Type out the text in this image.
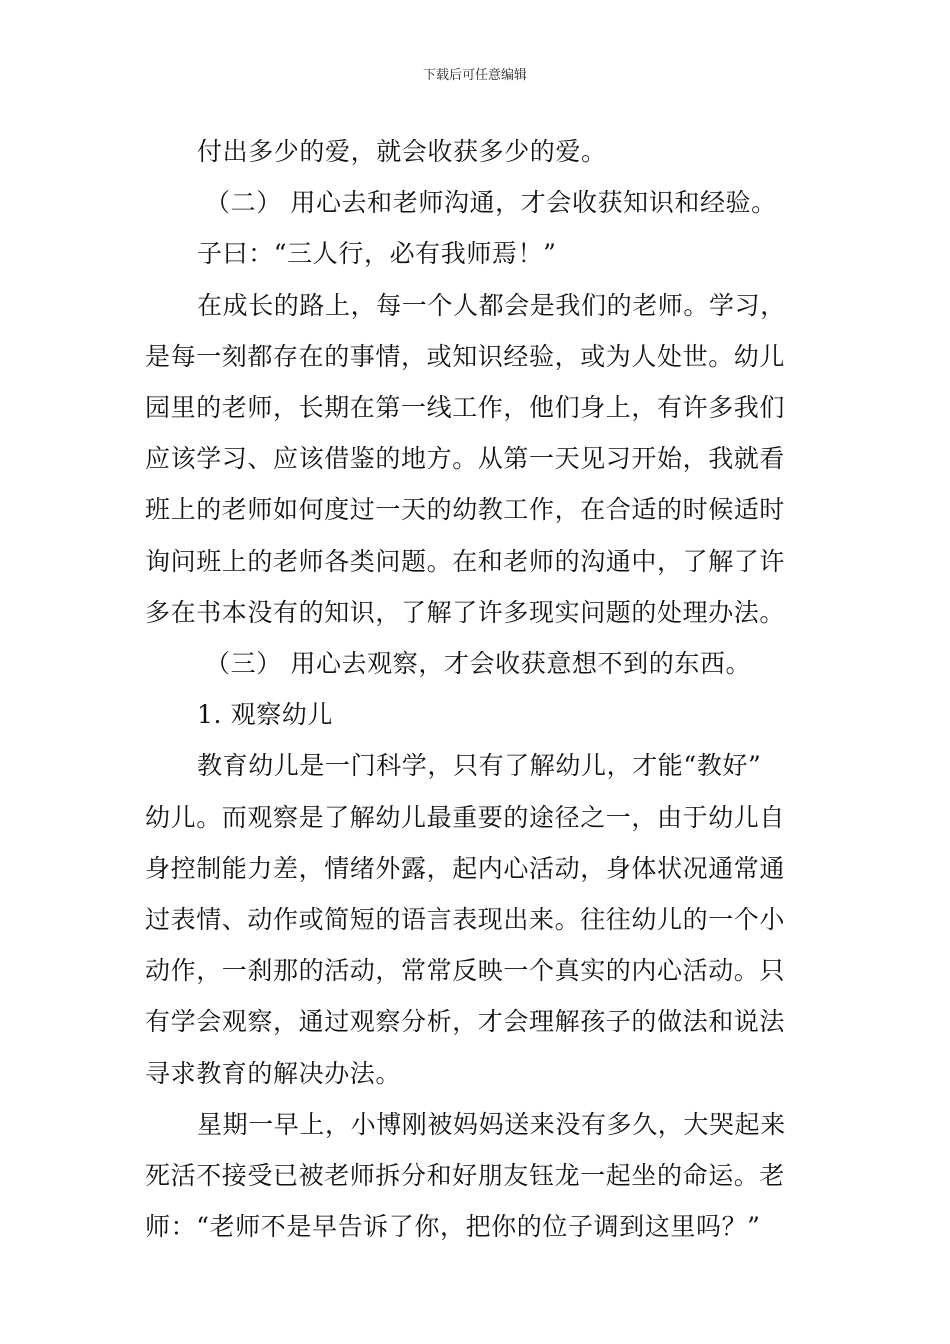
下载后可任意编辑

付出多少的爱，就会收获多少的爱。

（二） 用心去和老师沟通，才会收获知识和经验。

子曰：“三人行，必有我师焉！”

在成长的路上，每一个人都会是我们的老师。学习，

是每一刻都存在的事情，或知识经验，或为人处世。幼儿

园里的老师，长期在第一线工作，他们身上，有许多我们

应该学习、应该借鉴的地方。从第一天见习开始，我就看

班上的老师如何度过一天的幼教工作，在合适的时候适时

询问班上的老师各类问题。在和老师的沟通中，了解了许

多在书本没有的知识，了解了许多现实问题的处理办法。

（三） 用心去观察，才会收获意想不到的东西。

1. 观察幼儿

教育幼儿是一门科学，只有了解幼儿，才能“教好”

幼儿。而观察是了解幼儿最重要的途径之一，由于幼儿自

身控制能力差，情绪外露，起内心活动，身体状况通常通

过表情、动作或简短的语言表现出来。往往幼儿的一个小

动作，一刹那的活动，常常反映一个真实的内心活动。只

有学会观察，通过观察分析，才会理解孩子的做法和说法

寻求教育的解决办法。

星期一早上，小博刚被妈妈送来没有多久，大哭起来

死活不接受已被老师拆分和好朋友钰龙一起坐的命运。老

师：“老师不是早告诉了你，把你的位子调到这里吗？”
